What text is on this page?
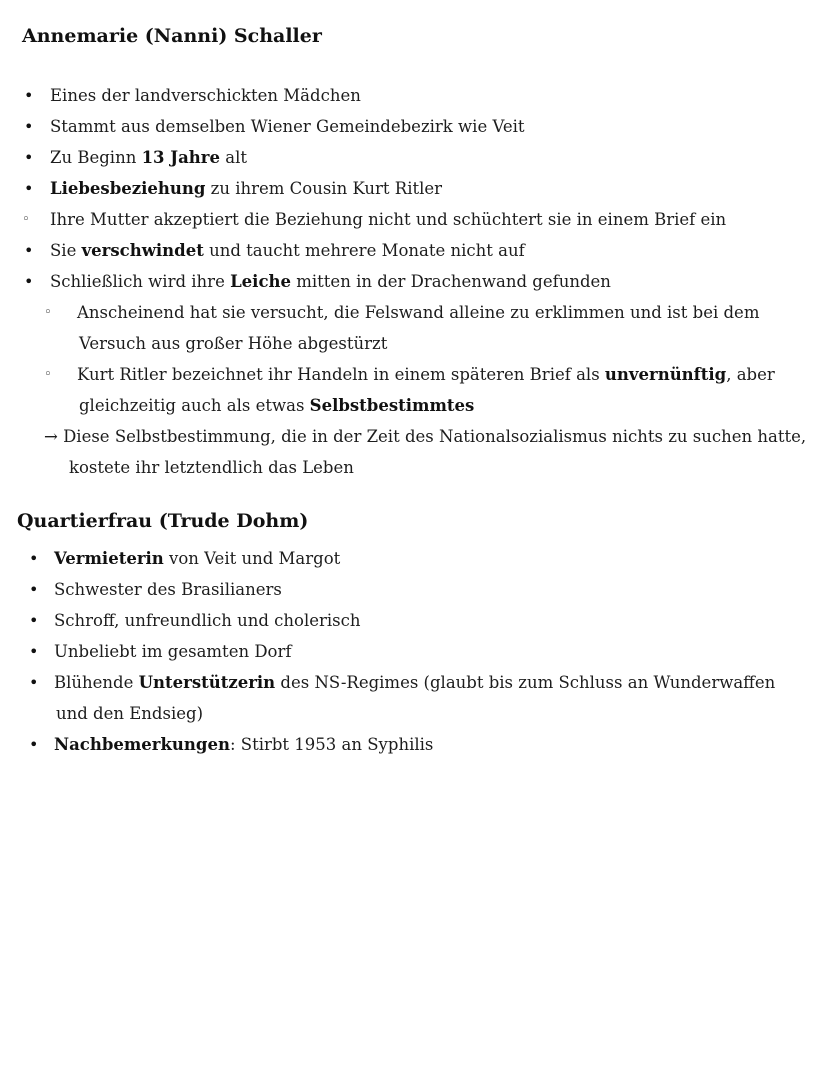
Annemarie (Nanni) Schaller
• Eines der landverschickten Mädchen
• Stammt aus demselben Wiener Gemeindebezirk wie Veit
• Zu Beginn 13 Jahre alt
• Liebesbeziehung zu ihrem Cousin Kurt Ritler
◦ Ihre Mutter akzeptiert die Beziehung nicht und schüchtert sie in einem Brief ein
• Sie verschwindet und taucht mehrere Monate nicht auf
• Schließlich wird ihre Leiche mitten in der Drachenwand gefunden
◦ Anscheinend hat sie versucht, die Felswand alleine zu erklimmen und ist bei dem
Versuch aus großer Höhe abgestürzt
◦ Kurt Ritler bezeichnet ihr Handeln in einem späteren Brief als unvernünftig, aber
gleichzeitig auch als etwas Selbstbestimmtes
→ Diese Selbstbestimmung, die in der Zeit des Nationalsozialismus nichts zu suchen hatte,
kostete ihr letztendlich das Leben
Quartierfrau (Trude Dohm)
• Vermieterin von Veit und Margot
• Schwester des Brasilianers
• Schroff, unfreundlich und cholerisch
• Unbeliebt im gesamten Dorf
• Blühende Unterstützerin des NS-Regimes (glaubt bis zum Schluss an Wunderwaffen
und den Endsieg)
• Nachbemerkungen: Stirbt 1953 an Syphilis
